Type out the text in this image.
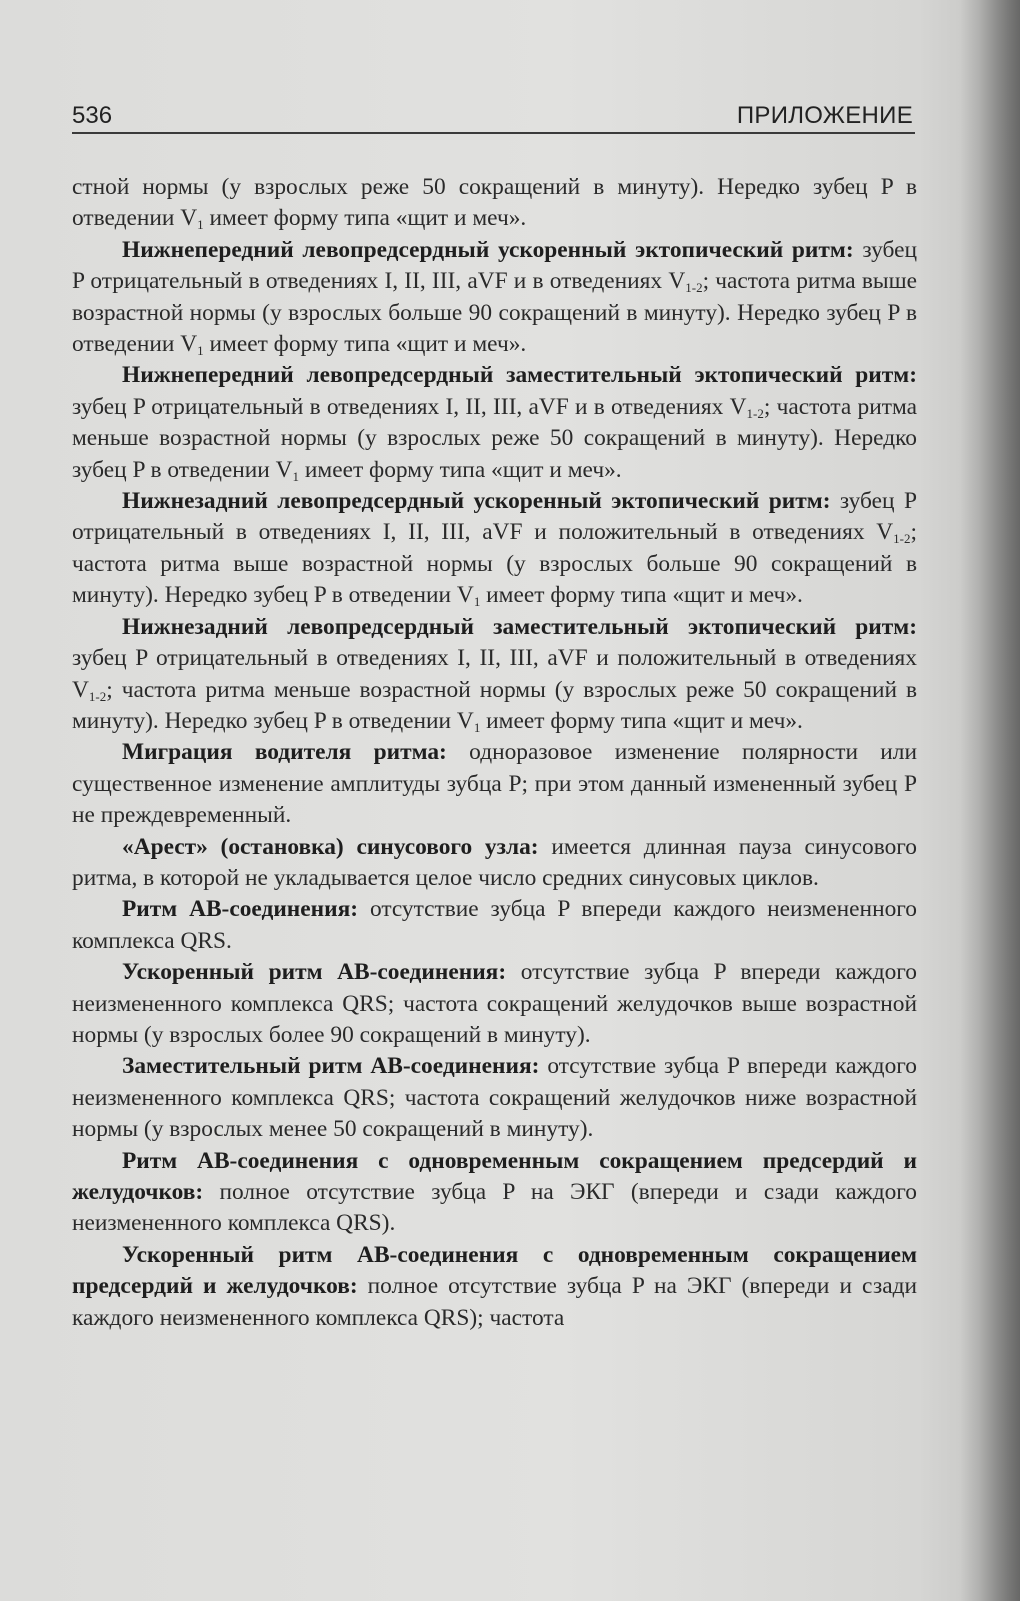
536	ПРИЛОЖЕНИЕ

стной нормы (у взрослых реже 50 сокращений в минуту). Нередко зубец P в отведении $V_1$ имеет форму типа «щит и меч».

Нижнепередний левопредсердный ускоренный эктопический ритм: зубец P отрицательный в отведениях I, II, III, aVF и в отведениях $V_{1-2}$; частота ритма выше возрастной нормы (у взрослых больше 90 сокращений в минуту). Нередко зубец P в отведении $V_1$ имеет форму типа «щит и меч».

Нижнепередний левопредсердный заместительный эктопический ритм: зубец P отрицательный в отведениях I, II, III, aVF и в отведениях $V_{1-2}$; частота ритма меньше возрастной нормы (у взрослых реже 50 сокращений в минуту). Нередко зубец P в отведении $V_1$ имеет форму типа «щит и меч».

Нижнезадний левопредсердный ускоренный эктопический ритм: зубец P отрицательный в отведениях I, II, III, aVF и положительный в отведениях $V_{1-2}$; частота ритма выше возрастной нормы (у взрослых больше 90 сокращений в минуту). Нередко зубец P в отведении $V_1$ имеет форму типа «щит и меч».

Нижнезадний левопредсердный заместительный эктопический ритм: зубец P отрицательный в отведениях I, II, III, aVF и положительный в отведениях $V_{1-2}$; частота ритма меньше возрастной нормы (у взрослых реже 50 сокращений в минуту). Нередко зубец P в отведении $V_1$ имеет форму типа «щит и меч».

Миграция водителя ритма: одноразовое изменение полярности или существенное изменение амплитуды зубца P; при этом данный измененный зубец P не преждевременный.

«Арест» (остановка) синусового узла: имеется длинная пауза синусового ритма, в которой не укладывается целое число средних синусовых циклов.

Ритм АВ-соединения: отсутствие зубца P впереди каждого неизмененного комплекса QRS.

Ускоренный ритм АВ-соединения: отсутствие зубца P впереди каждого неизмененного комплекса QRS; частота сокращений желудочков выше возрастной нормы (у взрослых более 90 сокращений в минуту).

Заместительный ритм АВ-соединения: отсутствие зубца P впереди каждого неизмененного комплекса QRS; частота сокращений желудочков ниже возрастной нормы (у взрослых менее 50 сокращений в минуту).

Ритм АВ-соединения с одновременным сокращением предсердий и желудочков: полное отсутствие зубца P на ЭКГ (впереди и сзади каждого неизмененного комплекса QRS).

Ускоренный ритм АВ-соединения с одновременным сокращением предсердий и желудочков: полное отсутствие зубца P на ЭКГ (впереди и сзади каждого неизмененного комплекса QRS); частота
